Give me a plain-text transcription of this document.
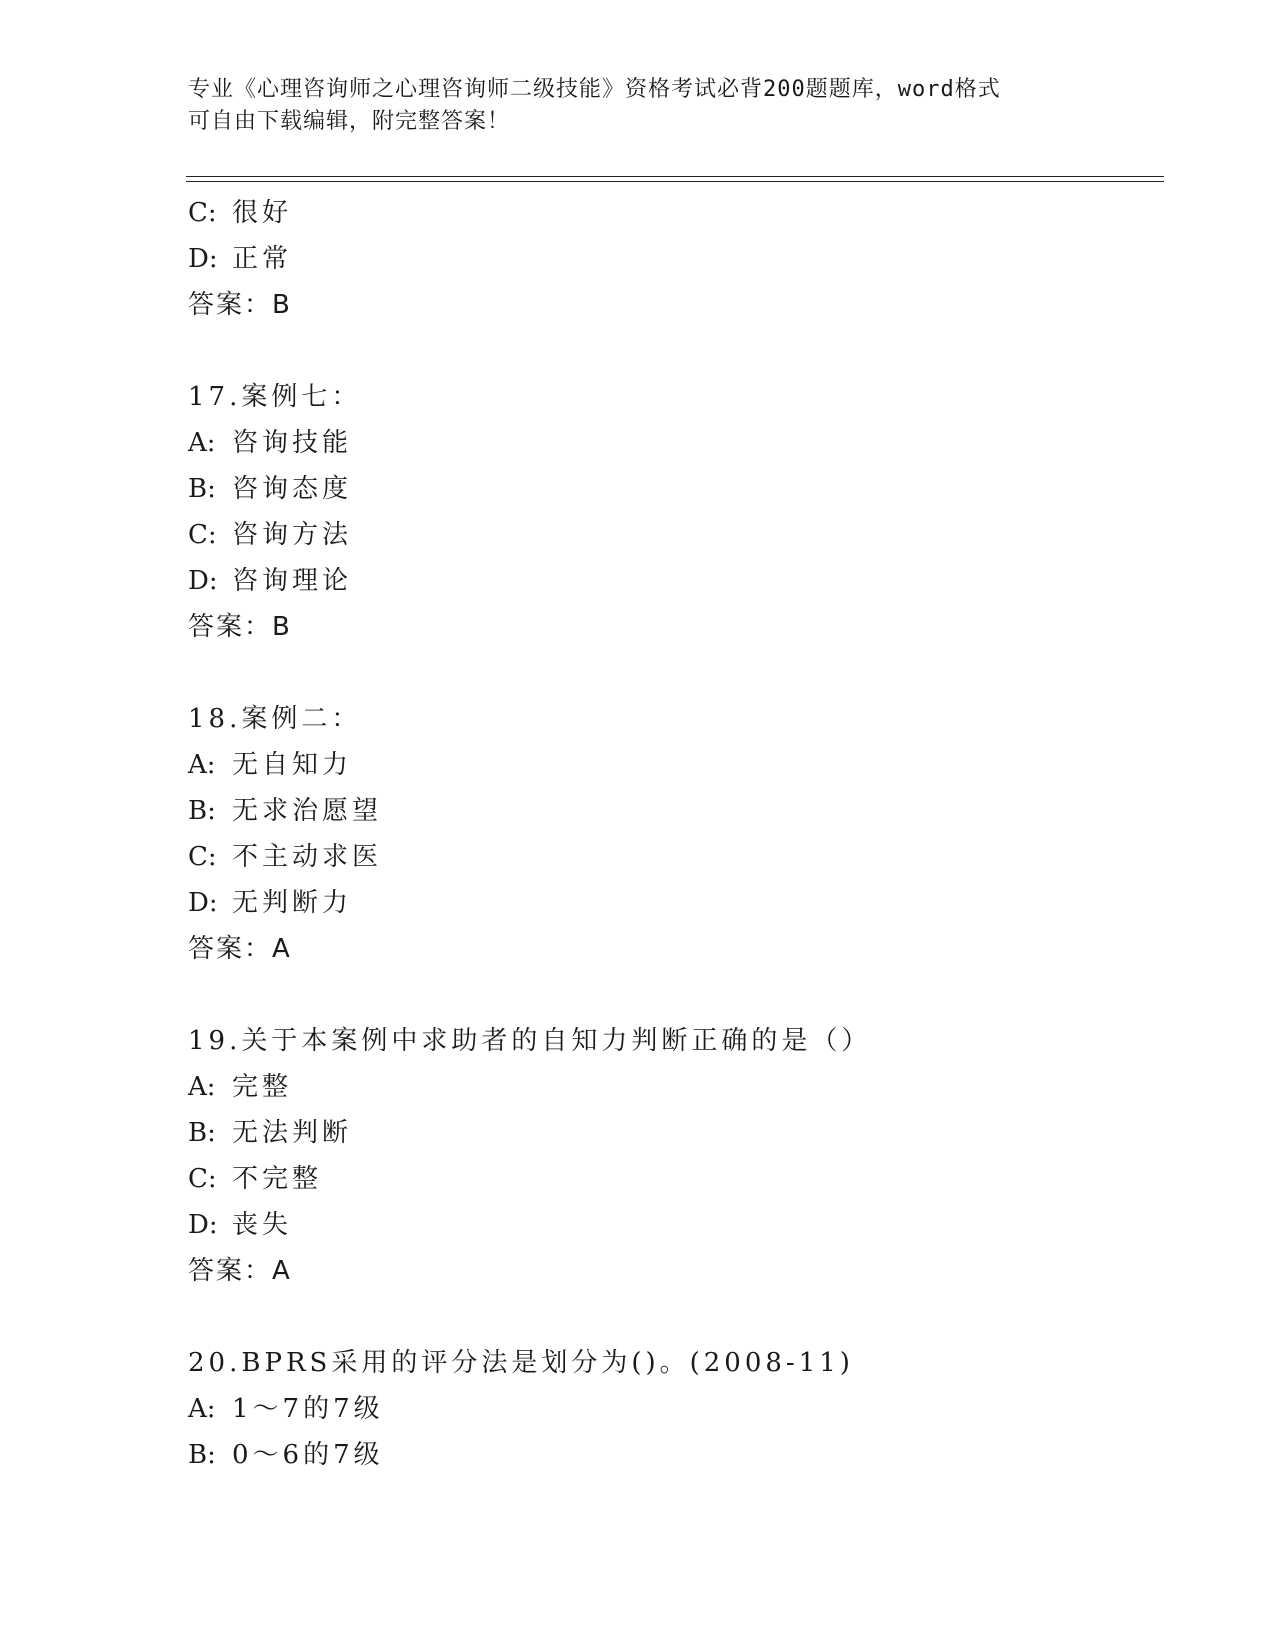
专业《心理咨询师之心理咨询师二级技能》资格考试必背200题题库，word格式
可自由下载编辑，附完整答案！
C: 很好
D: 正常
答案：B
17.案例七：
A: 咨询技能
B: 咨询态度
C: 咨询方法
D: 咨询理论
答案：B
18.案例二：
A: 无自知力
B: 无求治愿望
C: 不主动求医
D: 无判断力
答案：A
19.关于本案例中求助者的自知力判断正确的是（）
A: 完整
B: 无法判断
C: 不完整
D: 丧失
答案：A
20.BPRS采用的评分法是划分为()。(2008-11)
A: 1～7的7级
B: 0～6的7级
